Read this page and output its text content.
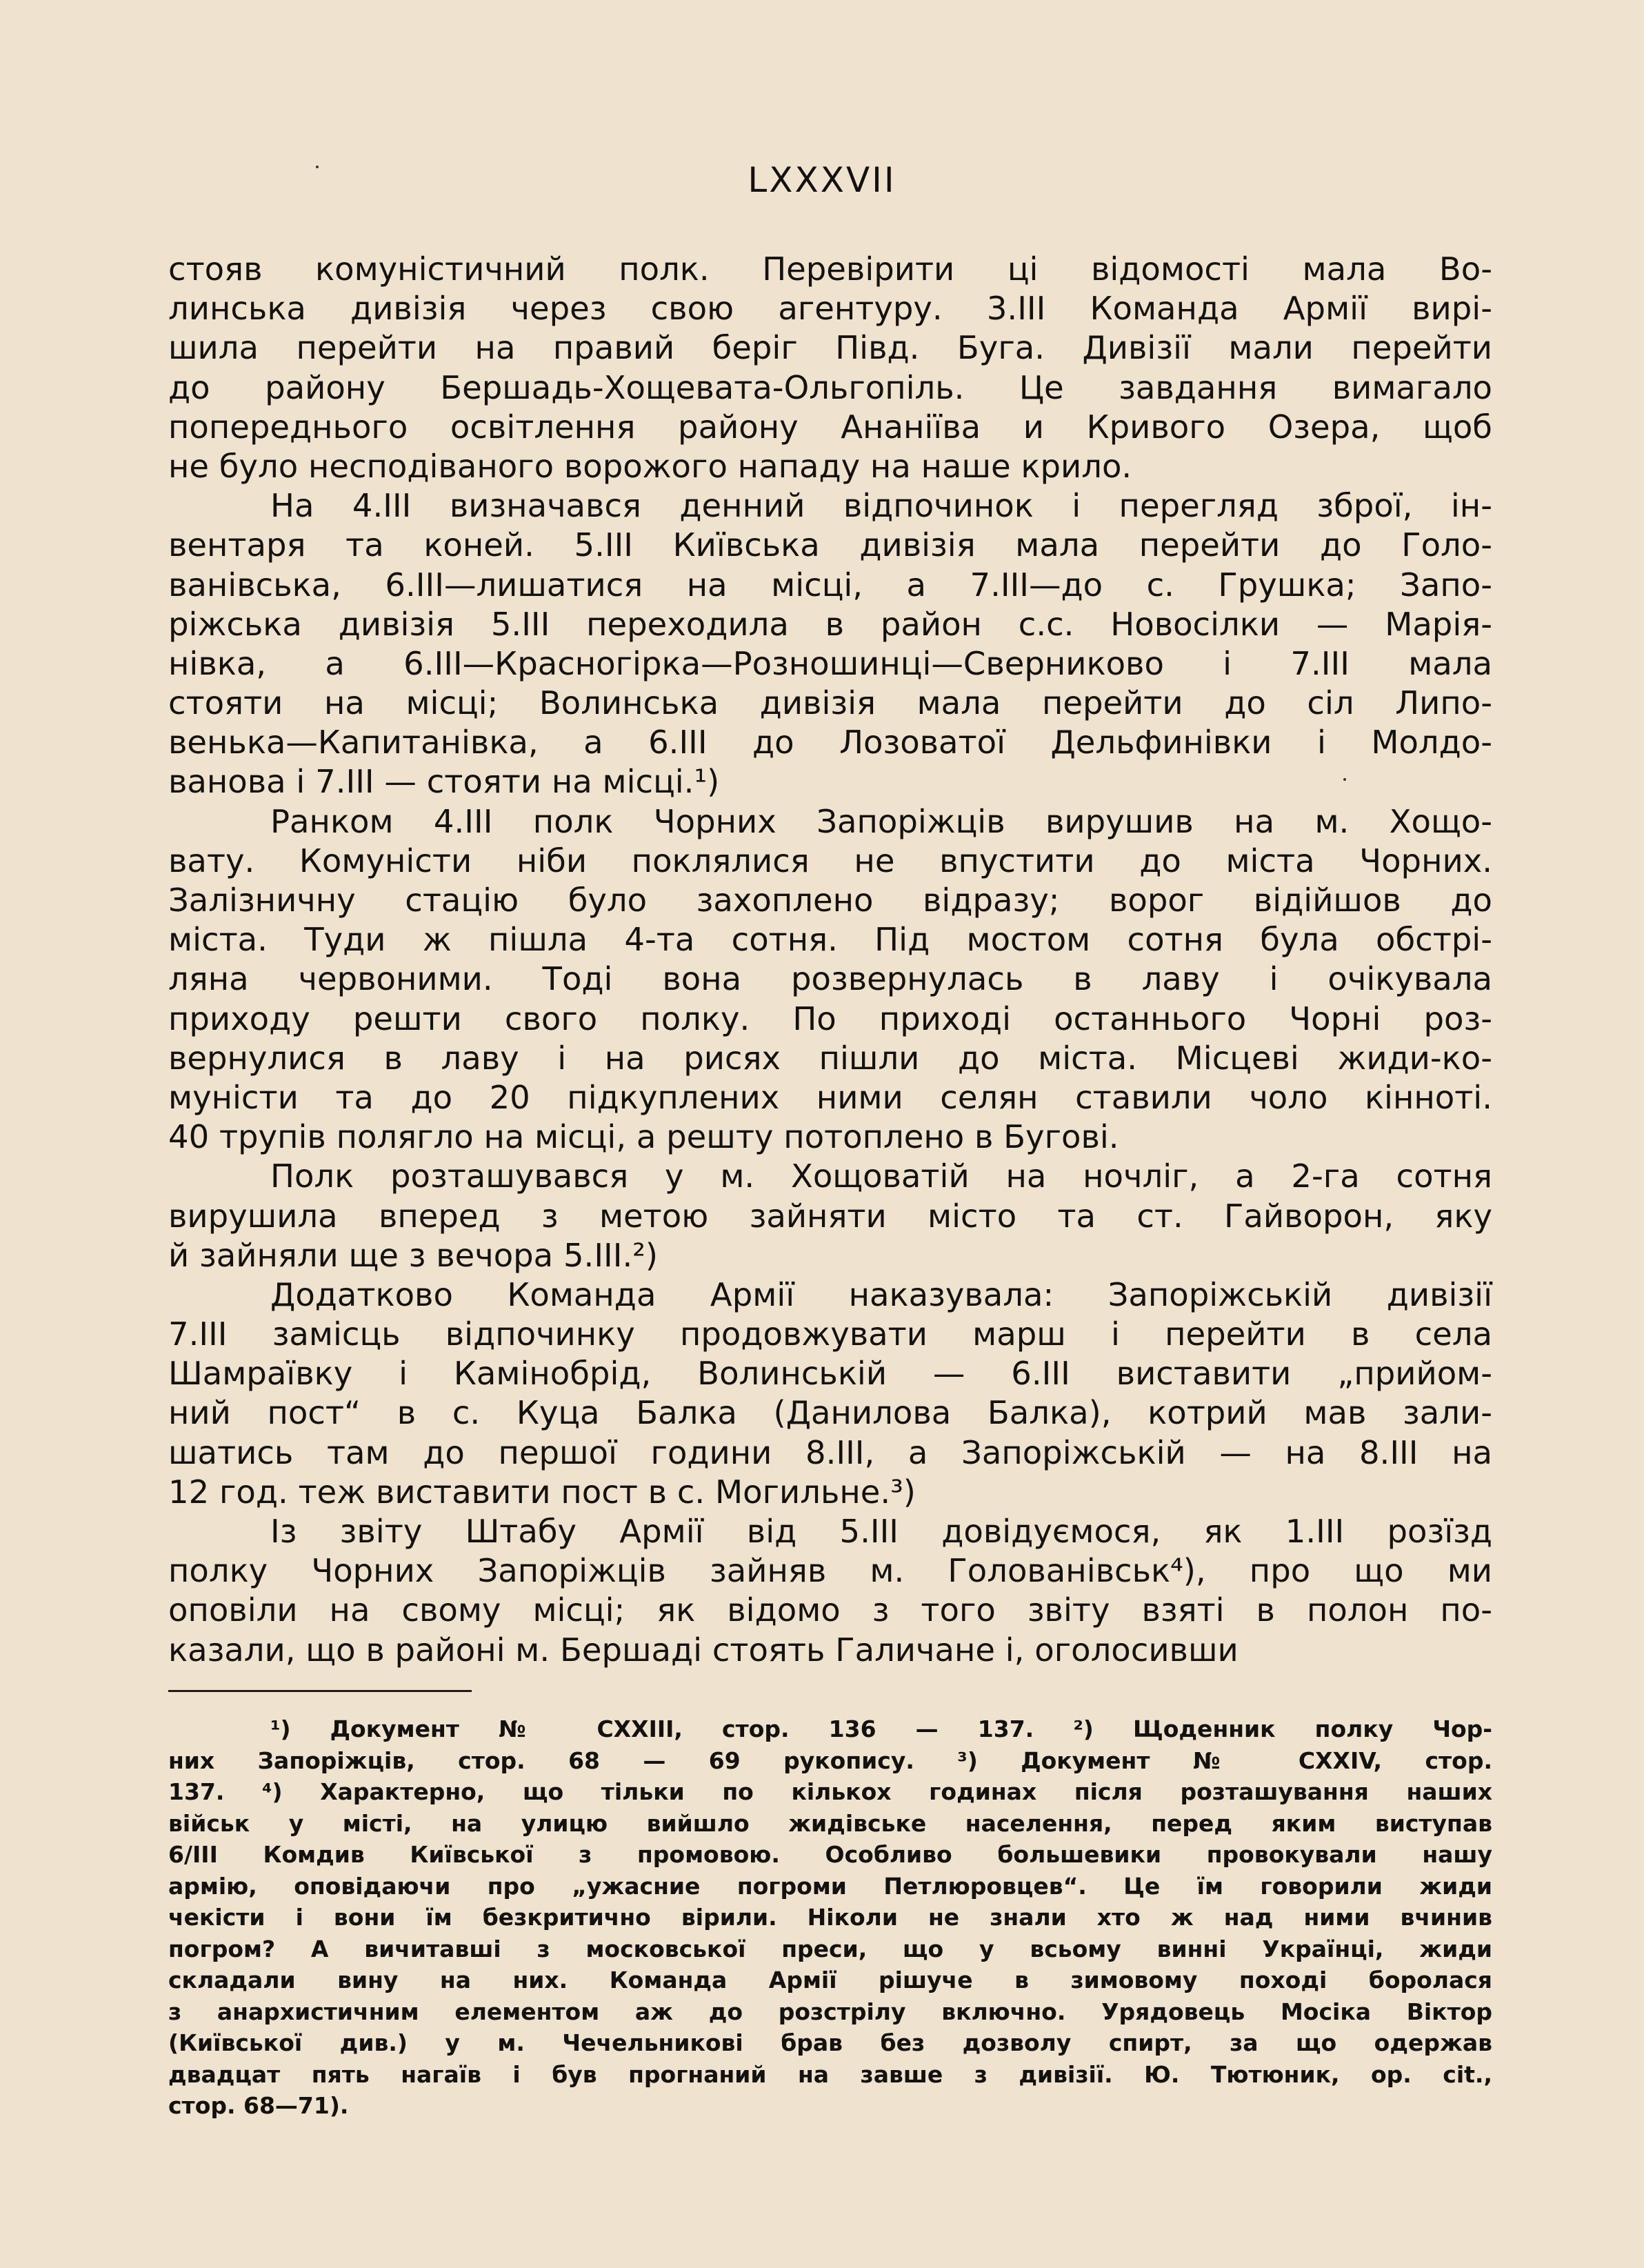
LXXXVII
стояв комуністичний полк. Перевірити ці відомості мала Во-
линська дивізія через свою агентуру. 3.III Команда Армії вирі-
шила перейти на правий беріг Півд. Буга. Дивізії мали перейти
до району Бершадь-Хощевата-Ольгопіль. Це завдання вимагало
попереднього освітлення району Ананіїва и Кривого Озера, щоб
не було несподіваного ворожого нападу на наше крило.
На 4.III визначався денний відпочинок і перегляд зброї, ін-
вентаря та коней. 5.III Київська дивізія мала перейти до Голо-
ванівська, 6.III—лишатися на місці, а 7.III—до с. Грушка; Запо-
ріжська дивізія 5.III переходила в район с.с. Новосілки — Марія-
нівка, а 6.III—Красногірка—Розношинці—Сверниково і 7.III мала
стояти на місці; Волинська дивізія мала перейти до сіл Липо-
венька—Капитанівка, а 6.III до Лозоватої Дельфинівки і Молдо-
ванова і 7.III — стояти на місці.¹)
Ранком 4.III полк Чорних Запоріжців вирушив на м. Хощо-
вату. Комуністи ніби поклялися не впустити до міста Чорних.
Залізничну стацію було захоплено відразу; ворог відійшов до
міста. Туди ж пішла 4-та сотня. Під мостом сотня була обстрі-
ляна червоними. Тоді вона розвернулась в лаву і очікувала
приходу решти свого полку. По приході останнього Чорні роз-
вернулися в лаву і на рисях пішли до міста. Місцеві жиди-ко-
муністи та до 20 підкуплених ними селян ставили чоло кінноті.
40 трупів полягло на місці, а решту потоплено в Бугові.
Полк розташувався у м. Хощоватій на ночліг, а 2-га сотня
вирушила вперед з метою зайняти місто та ст. Гайворон, яку
й зайняли ще з вечора 5.III.²)
Додатково Команда Армії наказувала: Запоріжській дивізії
7.III замісць відпочинку продовжувати марш і перейти в села
Шамраївку і Камінобрід, Волинській — 6.III виставити „прийом-
ний пост“ в с. Куца Балка (Данилова Балка), котрий мав зали-
шатись там до першої години 8.III, а Запоріжській — на 8.III на
12 год. теж виставити пост в с. Могильне.³)
Із звіту Штабу Армії від 5.III довідуємося, як 1.III розїзд
полку Чорних Запоріжців зайняв м. Голованівськ⁴), про що ми
оповіли на свому місці; як відомо з того звіту взяті в полон по-
казали, що в районі м. Бершаді стоять Галичане і, оголосивши
¹) Документ № CXXIII, стор. 136 — 137. ²) Щоденник полку Чор-
них Запоріжців, стор. 68 — 69 рукопису. ³) Документ № CXXIV, стор.
137. ⁴) Характерно, що тільки по кількох годинах після розташування наших
військ у місті, на улицю вийшло жидівське населення, перед яким виступав
6/III Комдив Київської з промовою. Особливо большевики провокували нашу
армію, оповідаючи про „ужасние погроми Петлюровцев“. Це їм говорили жиди
чекісти і вони їм безкритично вірили. Ніколи не знали хто ж над ними вчинив
погром? А вичитавші з московської преси, що у всьому винні Українці, жиди
складали вину на них. Команда Армії рішуче в зимовому поході боролася
з анархистичним елементом аж до розстрілу включно. Урядовець Мосіка Віктор
(Київської див.) у м. Чечельникові брав без дозволу спирт, за що одержав
двадцат пять нагаїв і був прогнаний на завше з дивізії. Ю. Тютюник, ор. cit.,
стор. 68—71).
